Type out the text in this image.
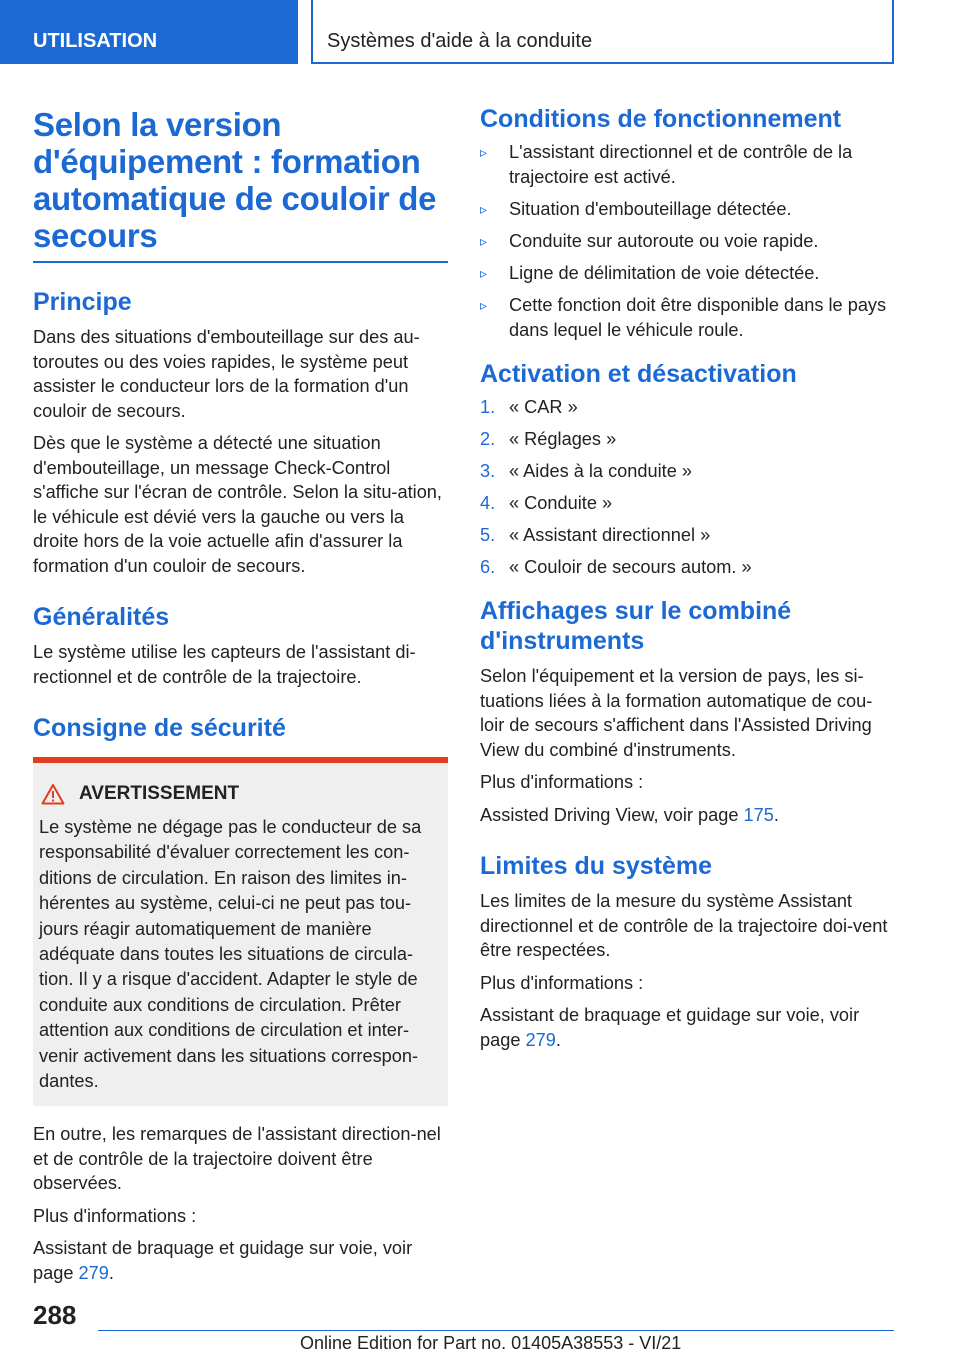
UTILISATION	Systèmes d'aide à la conduite
Selon la version d'équipement : formation automatique de couloir de secours
Principe

Dans des situations d'embouteillage sur des au-toroutes ou des voies rapides, le système peut assister le conducteur lors de la formation d'un couloir de secours.

Dès que le système a détecté une situation d'embouteillage, un message Check-Control s'affiche sur l'écran de contrôle. Selon la situ-ation, le véhicule est dévié vers la gauche ou vers la droite hors de la voie actuelle afin d'assurer la formation d'un couloir de secours.

Généralités

Le système utilise les capteurs de l'assistant di-rectionnel et de contrôle de la trajectoire.

Consigne de sécurité
AVERTISSEMENT

Le système ne dégage pas le conducteur de sa responsabilité d'évaluer correctement les con-ditions de circulation. En raison des limites in-hérentes au système, celui-ci ne peut pas tou-jours réagir automatiquement de manière adéquate dans toutes les situations de circula-tion. Il y a risque d'accident. Adapter le style de conduite aux conditions de circulation. Prêter attention aux conditions de circulation et inter-venir activement dans les situations correspon-dantes.

En outre, les remarques de l'assistant direction-nel et de contrôle de la trajectoire doivent être observées.

Plus d'informations :

Assistant de braquage et guidage sur voie, voir page 279.

Conditions de fonctionnement
▹ L'assistant directionnel et de contrôle de la trajectoire est activé.
▹ Situation d'embouteillage détectée.
▹ Conduite sur autoroute ou voie rapide.
▹ Ligne de délimitation de voie détectée.
▹ Cette fonction doit être disponible dans le pays dans lequel le véhicule roule.
Activation et désactivation
1. « CAR »
2. « Réglages »
3. « Aides à la conduite »
4. « Conduite »
5. « Assistant directionnel »
6. « Couloir de secours autom. »
Affichages sur le combiné d'instruments

Selon l'équipement et la version de pays, les si-tuations liées à la formation automatique de cou-loir de secours s'affichent dans l'Assisted Driving View du combiné d'instruments.

Plus d'informations :

Assisted Driving View, voir page 175.

Limites du système

Les limites de la mesure du système Assistant directionnel et de contrôle de la trajectoire doi-vent être respectées.

Plus d'informations :

Assistant de braquage et guidage sur voie, voir page 279.

288
Online Edition for Part no. 01405A38553 - VI/21
